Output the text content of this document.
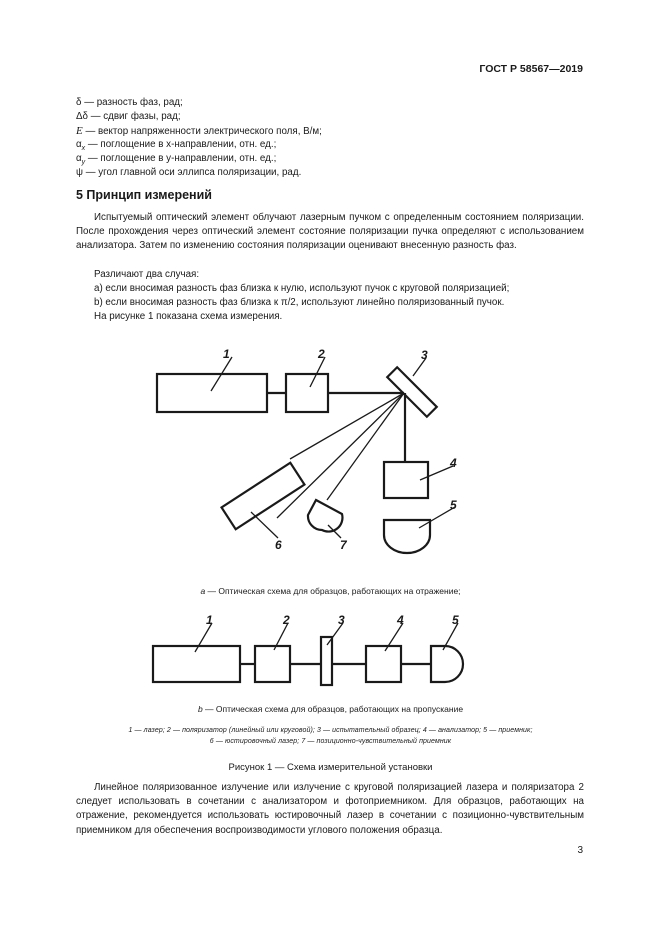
ГОСТ Р 58567—2019
δ — разность фаз, рад;
Δδ — сдвиг фазы, рад;
E — вектор напряженности электрического поля, В/м;
$\alpha_x$ — поглощение в x-направлении, отн. ед.;
$\alpha_y$ — поглощение в y-направлении, отн. ед.;
ψ — угол главной оси эллипса поляризации, рад.
5 Принцип измерений
Испытуемый оптический элемент облучают лазерным пучком с определенным состоянием поляризации. После прохождения через оптический элемент состояние поляризации пучка определяют с использованием анализатора. Затем по изменению состояния поляризации оценивают внесенную разность фаз.
Различают два случая:
a) если вносимая разность фаз близка к нулю, используют пучок с круговой поляризацией;
b) если вносимая разность фаз близка к π/2, используют линейно поляризованный пучок.
На рисунке 1 показана схема измерения.
1	2	3
4
5
6	7
1	2	3	4	5
a — Оптическая схема для образцов, работающих на отражение;
b — Оптическая схема для образцов, работающих на пропускание
1 — лазер; 2 — поляризатор (линейный или круговой); 3 — испытательный образец; 4 — анализатор; 5 — приемник;
6 — юстировочный лазер; 7 — позиционно-чувствительный приемник
Рисунок 1 — Схема измерительной установки
Линейное поляризованное излучение или излучение с круговой поляризацией лазера и поляризатора 2 следует использовать в сочетании с анализатором и фотоприемником. Для образцов, работающих на отражение, рекомендуется использовать юстировочный лазер в сочетании с позиционно-чувствительным приемником для обеспечения воспроизводимости углового положения образца.
3
